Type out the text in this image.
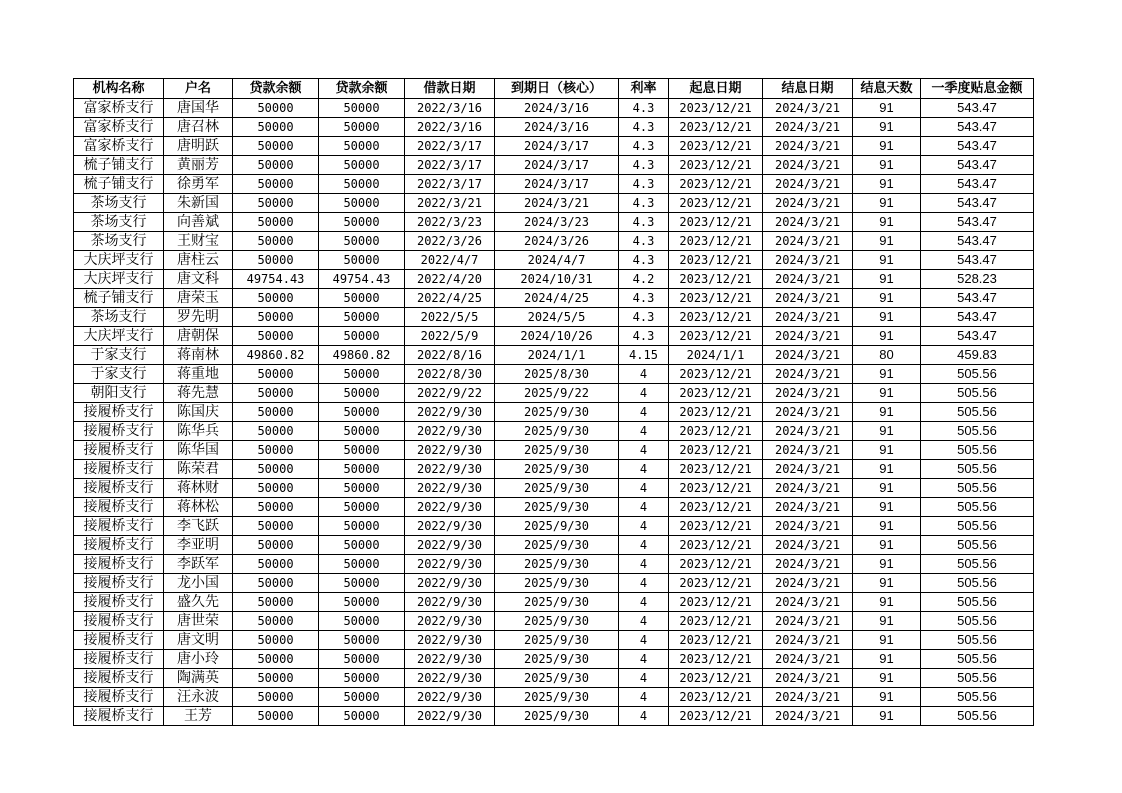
机构名称	户名	贷款余额	贷款余额	借款日期	到期日（核心）	利率	起息日期	结息日期	结息天数	一季度贴息金额
富家桥支行	唐国华	50000	50000	2022/3/16	2024/3/16	4.3	2023/12/21	2024/3/21	91	543.47
富家桥支行	唐召林	50000	50000	2022/3/16	2024/3/16	4.3	2023/12/21	2024/3/21	91	543.47
富家桥支行	唐明跃	50000	50000	2022/3/17	2024/3/17	4.3	2023/12/21	2024/3/21	91	543.47
梳子铺支行	黄丽芳	50000	50000	2022/3/17	2024/3/17	4.3	2023/12/21	2024/3/21	91	543.47
梳子铺支行	徐勇军	50000	50000	2022/3/17	2024/3/17	4.3	2023/12/21	2024/3/21	91	543.47
茶场支行	朱新国	50000	50000	2022/3/21	2024/3/21	4.3	2023/12/21	2024/3/21	91	543.47
茶场支行	向善斌	50000	50000	2022/3/23	2024/3/23	4.3	2023/12/21	2024/3/21	91	543.47
茶场支行	王财宝	50000	50000	2022/3/26	2024/3/26	4.3	2023/12/21	2024/3/21	91	543.47
大庆坪支行	唐柱云	50000	50000	2022/4/7	2024/4/7	4.3	2023/12/21	2024/3/21	91	543.47
大庆坪支行	唐文科	49754.43	49754.43	2022/4/20	2024/10/31	4.2	2023/12/21	2024/3/21	91	528.23
梳子铺支行	唐荣玉	50000	50000	2022/4/25	2024/4/25	4.3	2023/12/21	2024/3/21	91	543.47
茶场支行	罗先明	50000	50000	2022/5/5	2024/5/5	4.3	2023/12/21	2024/3/21	91	543.47
大庆坪支行	唐朝保	50000	50000	2022/5/9	2024/10/26	4.3	2023/12/21	2024/3/21	91	543.47
于家支行	蒋南林	49860.82	49860.82	2022/8/16	2024/1/1	4.15	2024/1/1	2024/3/21	80	459.83
于家支行	蒋重地	50000	50000	2022/8/30	2025/8/30	4	2023/12/21	2024/3/21	91	505.56
朝阳支行	蒋先慧	50000	50000	2022/9/22	2025/9/22	4	2023/12/21	2024/3/21	91	505.56
接履桥支行	陈国庆	50000	50000	2022/9/30	2025/9/30	4	2023/12/21	2024/3/21	91	505.56
接履桥支行	陈华兵	50000	50000	2022/9/30	2025/9/30	4	2023/12/21	2024/3/21	91	505.56
接履桥支行	陈华国	50000	50000	2022/9/30	2025/9/30	4	2023/12/21	2024/3/21	91	505.56
接履桥支行	陈荣君	50000	50000	2022/9/30	2025/9/30	4	2023/12/21	2024/3/21	91	505.56
接履桥支行	蒋林财	50000	50000	2022/9/30	2025/9/30	4	2023/12/21	2024/3/21	91	505.56
接履桥支行	蒋林松	50000	50000	2022/9/30	2025/9/30	4	2023/12/21	2024/3/21	91	505.56
接履桥支行	李飞跃	50000	50000	2022/9/30	2025/9/30	4	2023/12/21	2024/3/21	91	505.56
接履桥支行	李亚明	50000	50000	2022/9/30	2025/9/30	4	2023/12/21	2024/3/21	91	505.56
接履桥支行	李跃军	50000	50000	2022/9/30	2025/9/30	4	2023/12/21	2024/3/21	91	505.56
接履桥支行	龙小国	50000	50000	2022/9/30	2025/9/30	4	2023/12/21	2024/3/21	91	505.56
接履桥支行	盛久先	50000	50000	2022/9/30	2025/9/30	4	2023/12/21	2024/3/21	91	505.56
接履桥支行	唐世荣	50000	50000	2022/9/30	2025/9/30	4	2023/12/21	2024/3/21	91	505.56
接履桥支行	唐文明	50000	50000	2022/9/30	2025/9/30	4	2023/12/21	2024/3/21	91	505.56
接履桥支行	唐小玲	50000	50000	2022/9/30	2025/9/30	4	2023/12/21	2024/3/21	91	505.56
接履桥支行	陶满英	50000	50000	2022/9/30	2025/9/30	4	2023/12/21	2024/3/21	91	505.56
接履桥支行	汪永波	50000	50000	2022/9/30	2025/9/30	4	2023/12/21	2024/3/21	91	505.56
接履桥支行	王芳	50000	50000	2022/9/30	2025/9/30	4	2023/12/21	2024/3/21	91	505.56
